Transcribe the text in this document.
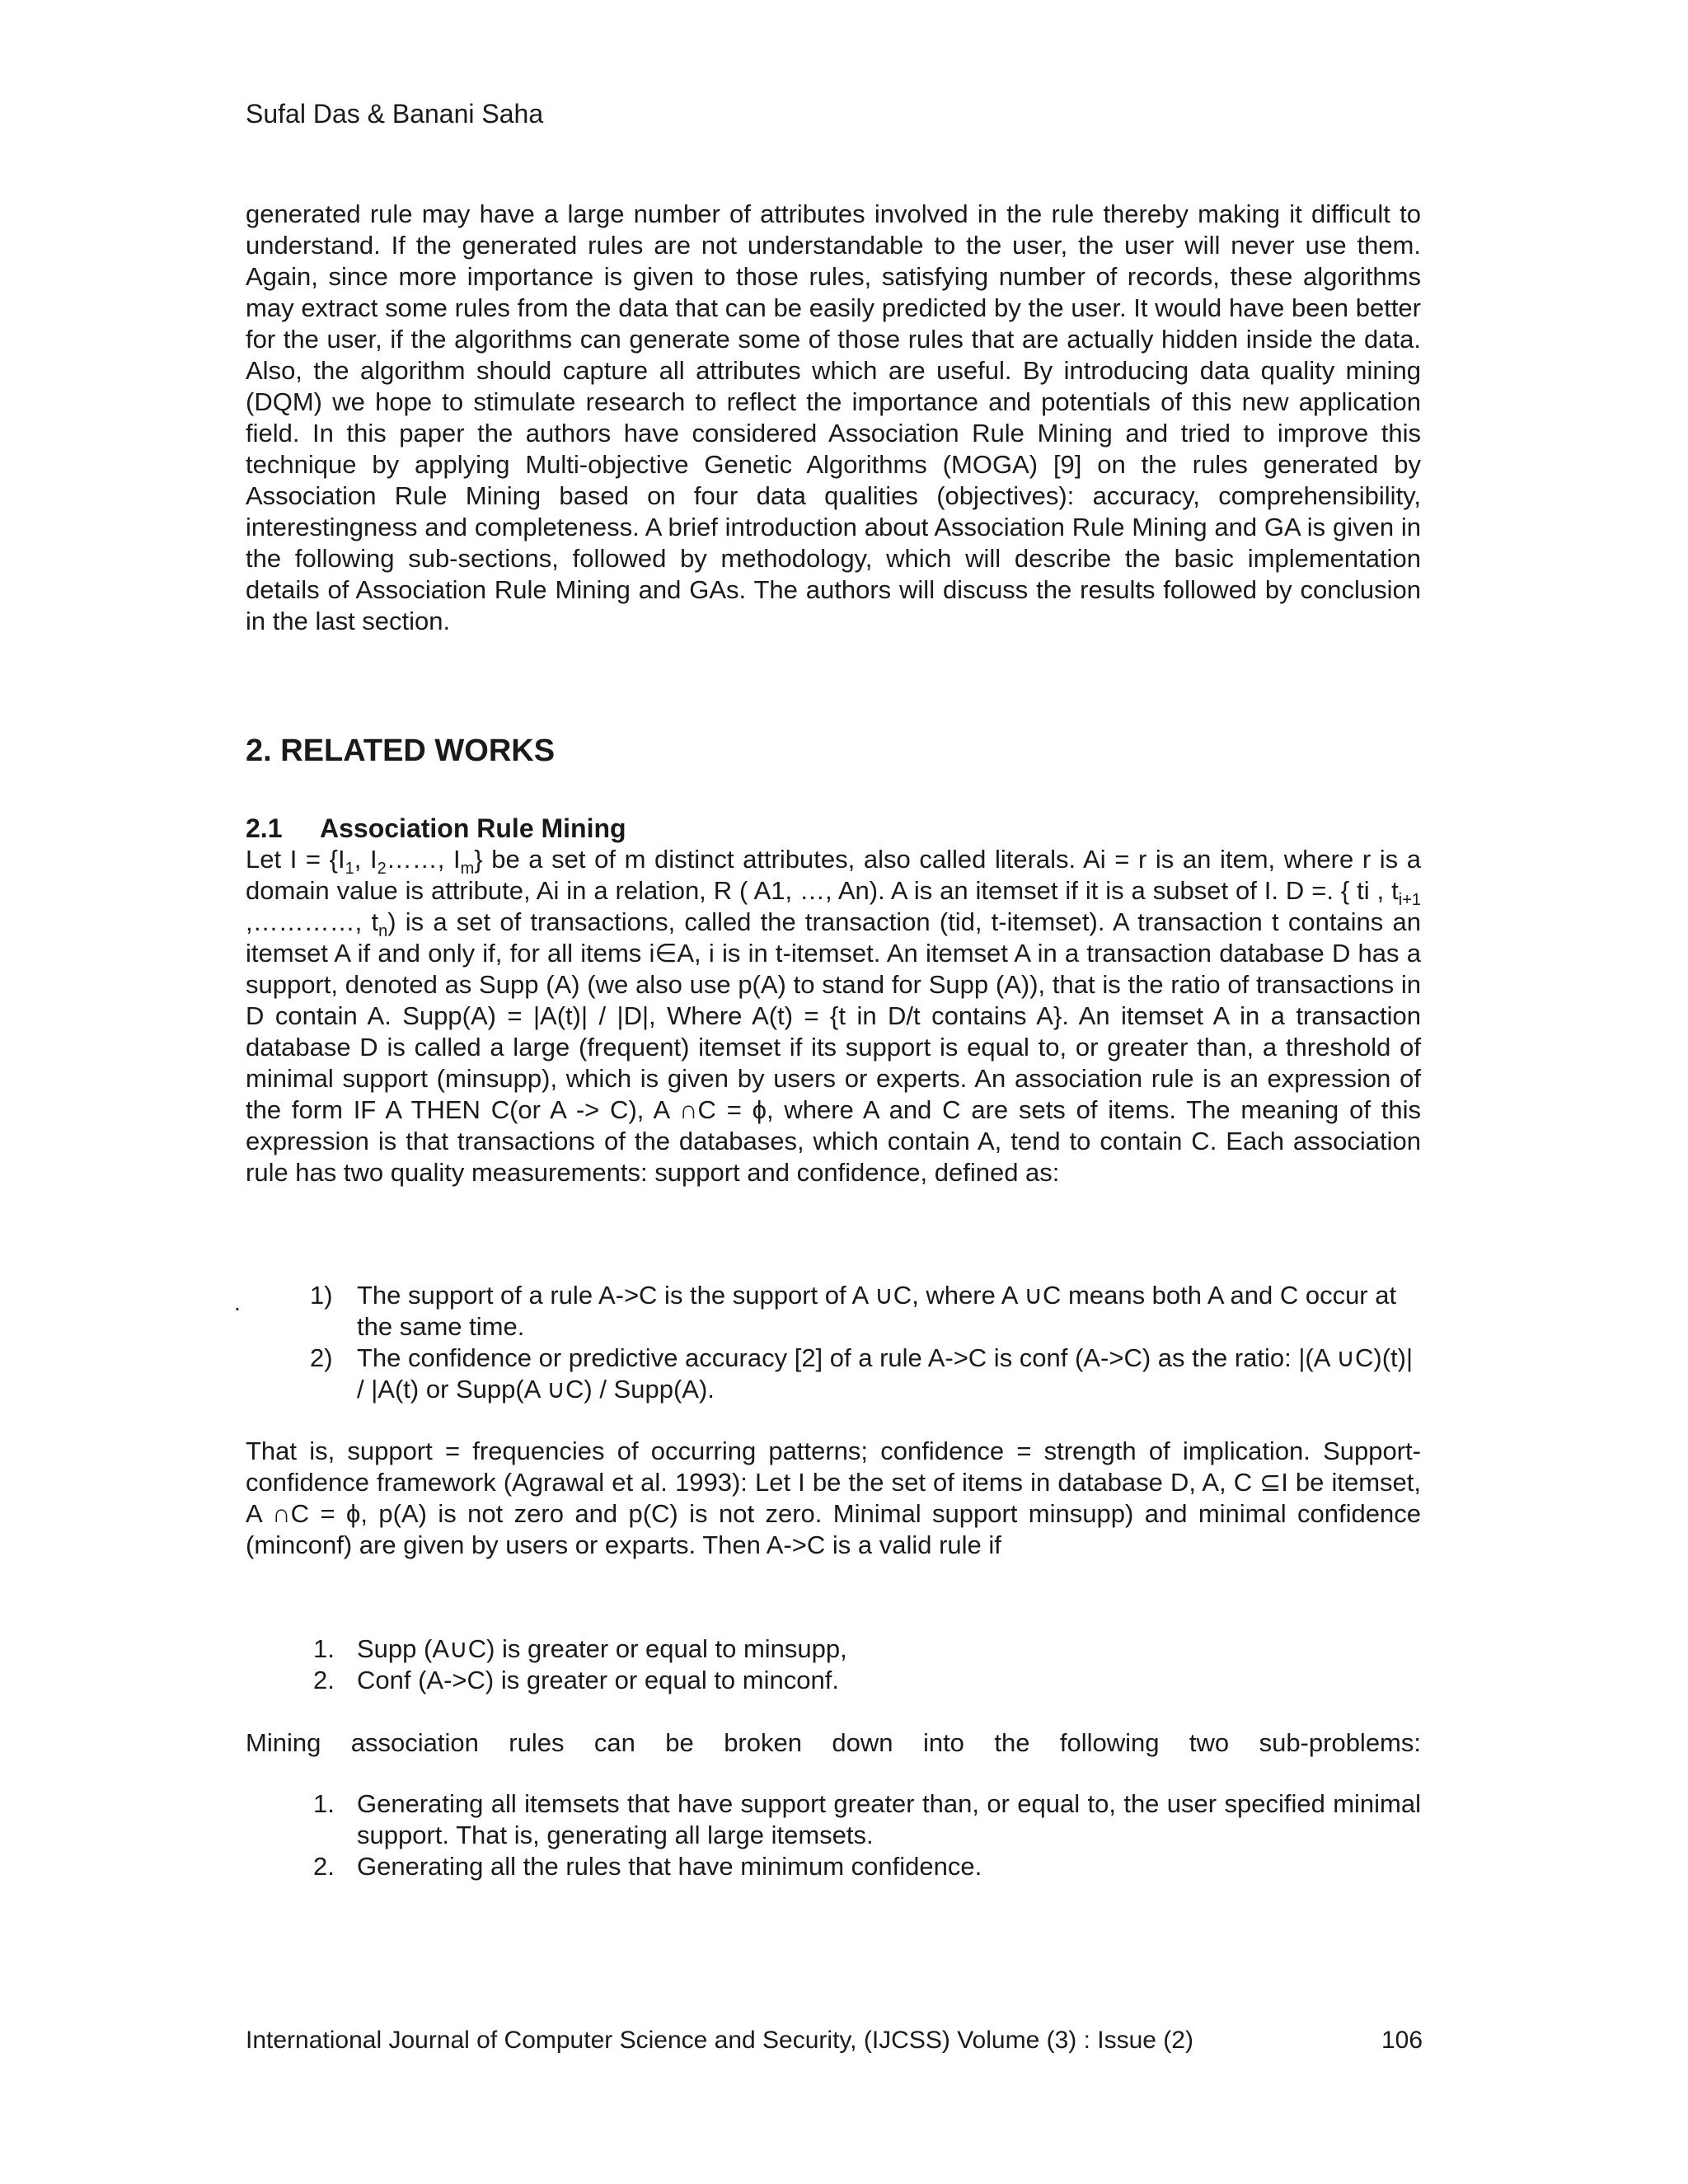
Sufal Das & Banani Saha

generated rule may have a large number of attributes involved in the rule thereby making it difficult to understand. If the generated rules are not understandable to the user, the user will never use them. Again, since more importance is given to those rules, satisfying number of records, these algorithms may extract some rules from the data that can be easily predicted by the user. It would have been better for the user, if the algorithms can generate some of those rules that are actually hidden inside the data. Also, the algorithm should capture all attributes which are useful. By introducing data quality mining (DQM) we hope to stimulate research to reflect the importance and potentials of this new application field. In this paper the authors have considered Association Rule Mining and tried to improve this technique by applying Multi-objective Genetic Algorithms (MOGA) [9] on the rules generated by Association Rule Mining based on four data qualities (objectives): accuracy, comprehensibility, interestingness and completeness. A brief introduction about Association Rule Mining and GA is given in the following sub-sections, followed by methodology, which will describe the basic implementation details of Association Rule Mining and GAs. The authors will discuss the results followed by conclusion in the last section.

2. RELATED WORKS
2.1 Association Rule Mining

Let $I = \{I_1$, $I_2\dots\dots$, $I_m$} be a set of m distinct attributes, also called literals. Ai = r is an item, where r is a domain value is attribute, Ai in a relation, R ( A1, …, An). A is an itemset if it is a subset of I. D =. { ti , $t_{i+1}$ ,…………, $t_n$) is a set of transactions, called the transaction (tid, t-itemset). A transaction t contains an itemset A if and only if, for all items i∈A, i is in t-itemset. An itemset A in a transaction database D has a support, denoted as Supp (A) (we also use p(A) to stand for Supp (A)), that is the ratio of transactions in D contain A. Supp(A) = |A(t)| / |D|, Where A(t) = {t in D/t contains A}. An itemset A in a transaction database D is called a large (frequent) itemset if its support is equal to, or greater than, a threshold of minimal support (minsupp), which is given by users or experts. An association rule is an expression of the form IF A THEN C(or A -> C), A ∩C = ϕ, where A and C are sets of items. The meaning of this expression is that transactions of the databases, which contain A, tend to contain C. Each association rule has two quality measurements: support and confidence, defined as:

.	1) The support of a rule A->C is the support of A ∪C, where A ∪C means both A and C occur at the same time.
2) The confidence or predictive accuracy [2] of a rule A->C is conf (A->C) as the ratio: |(A ∪C)(t)| / |A(t) or Supp(A ∪C) / Supp(A).

That is, support = frequencies of occurring patterns; confidence = strength of implication. Support-confidence framework (Agrawal et al. 1993): Let I be the set of items in database D, A, C ⊆I be itemset, A ∩C = ϕ, p(A) is not zero and p(C) is not zero. Minimal support minsupp) and minimal confidence (minconf) are given by users or exparts. Then A->C is a valid rule if

1. Supp (A∪C) is greater or equal to minsupp,
2. Conf (A->C) is greater or equal to minconf.

Mining association rules can be broken down into the following two sub-problems:

1. Generating all itemsets that have support greater than, or equal to, the user specified minimal support. That is, generating all large itemsets.
2. Generating all the rules that have minimum confidence.
International Journal of Computer Science and Security, (IJCSS) Volume (3) : Issue (2)	106
